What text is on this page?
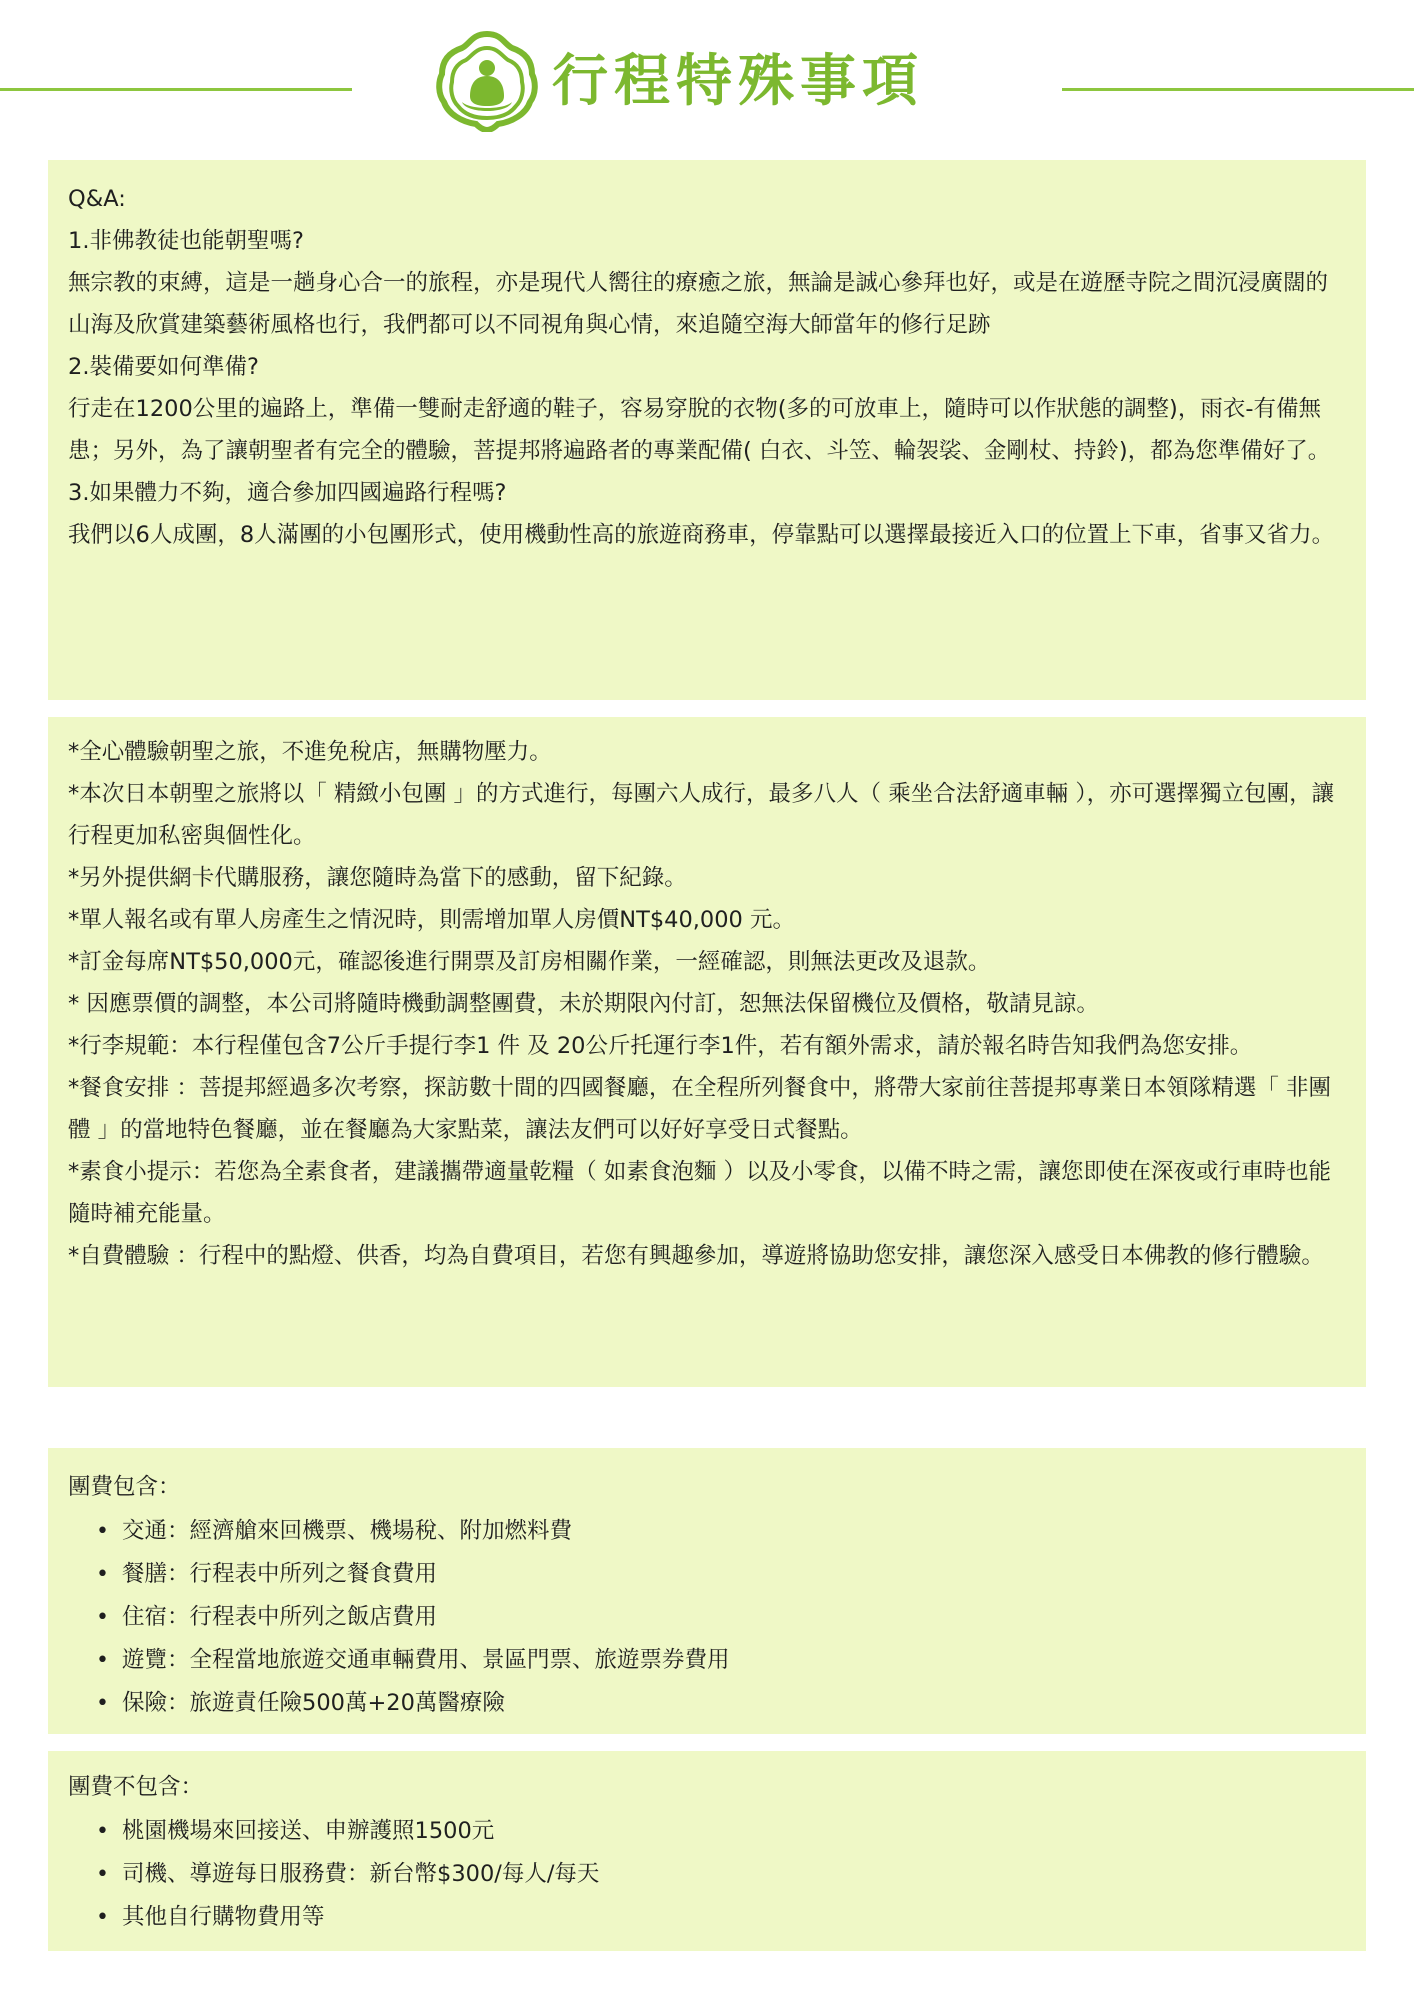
行程特殊事項
Q&A:
1.非佛教徒也能朝聖嗎?
無宗教的束縛，這是一趟身心合一的旅程，亦是現代人嚮往的療癒之旅，無論是誠心參拜也好，或是在遊歷寺院之間沉浸廣闊的山海及欣賞建築藝術風格也行，我們都可以不同視角與心情，來追隨空海大師當年的修行足跡
2.裝備要如何準備?
行走在1200公里的遍路上，準備一雙耐走舒適的鞋子，容易穿脫的衣物(多的可放車上，隨時可以作狀態的調整)，雨衣-有備無患；另外，為了讓朝聖者有完全的體驗，菩提邦將遍路者的專業配備( 白衣、斗笠、輪袈裟、金剛杖、持鈴)，都為您準備好了。
3.如果體力不夠，適合參加四國遍路行程嗎?
我們以6人成團，8人滿團的小包團形式，使用機動性高的旅遊商務車，停靠點可以選擇最接近入口的位置上下車，省事又省力。
*全心體驗朝聖之旅，不進免稅店，無購物壓力。
*本次日本朝聖之旅將以「 精緻小包團 」的方式進行，每團六人成行，最多八人（ 乘坐合法舒適車輛 ），亦可選擇獨立包團，讓行程更加私密與個性化。
*另外提供網卡代購服務，讓您隨時為當下的感動，留下紀錄。
*單人報名或有單人房產生之情況時，則需增加單人房價NT$40,000 元。
*訂金每席NT$50,000元，確認後進行開票及訂房相關作業，一經確認，則無法更改及退款。
* 因應票價的調整，本公司將隨時機動調整團費，未於期限內付訂，恕無法保留機位及價格，敬請見諒。
*行李規範：本行程僅包含7公斤手提行李1 件 及 20公斤托運行李1件，若有額外需求，請於報名時告知我們為您安排。
*餐食安排 ：菩提邦經過多次考察，探訪數十間的四國餐廳，在全程所列餐食中，將帶大家前往菩提邦專業日本領隊精選「 非團體 」的當地特色餐廳，並在餐廳為大家點菜，讓法友們可以好好享受日式餐點。
*素食小提示：若您為全素食者，建議攜帶適量乾糧（ 如素食泡麵 ）以及小零食，以備不時之需，讓您即使在深夜或行車時也能隨時補充能量。
*自費體驗 ：行程中的點燈、供香，均為自費項目，若您有興趣參加，導遊將協助您安排，讓您深入感受日本佛教的修行體驗。
團費包含：
• 交通：經濟艙來回機票、機場稅、附加燃料費
• 餐膳：行程表中所列之餐食費用
• 住宿：行程表中所列之飯店費用
• 遊覽：全程當地旅遊交通車輛費用、景區門票、旅遊票券費用
• 保險：旅遊責任險500萬+20萬醫療險
團費不包含：
• 桃園機場來回接送、申辦護照1500元
• 司機、導遊每日服務費：新台幣$300/每人/每天
• 其他自行購物費用等
